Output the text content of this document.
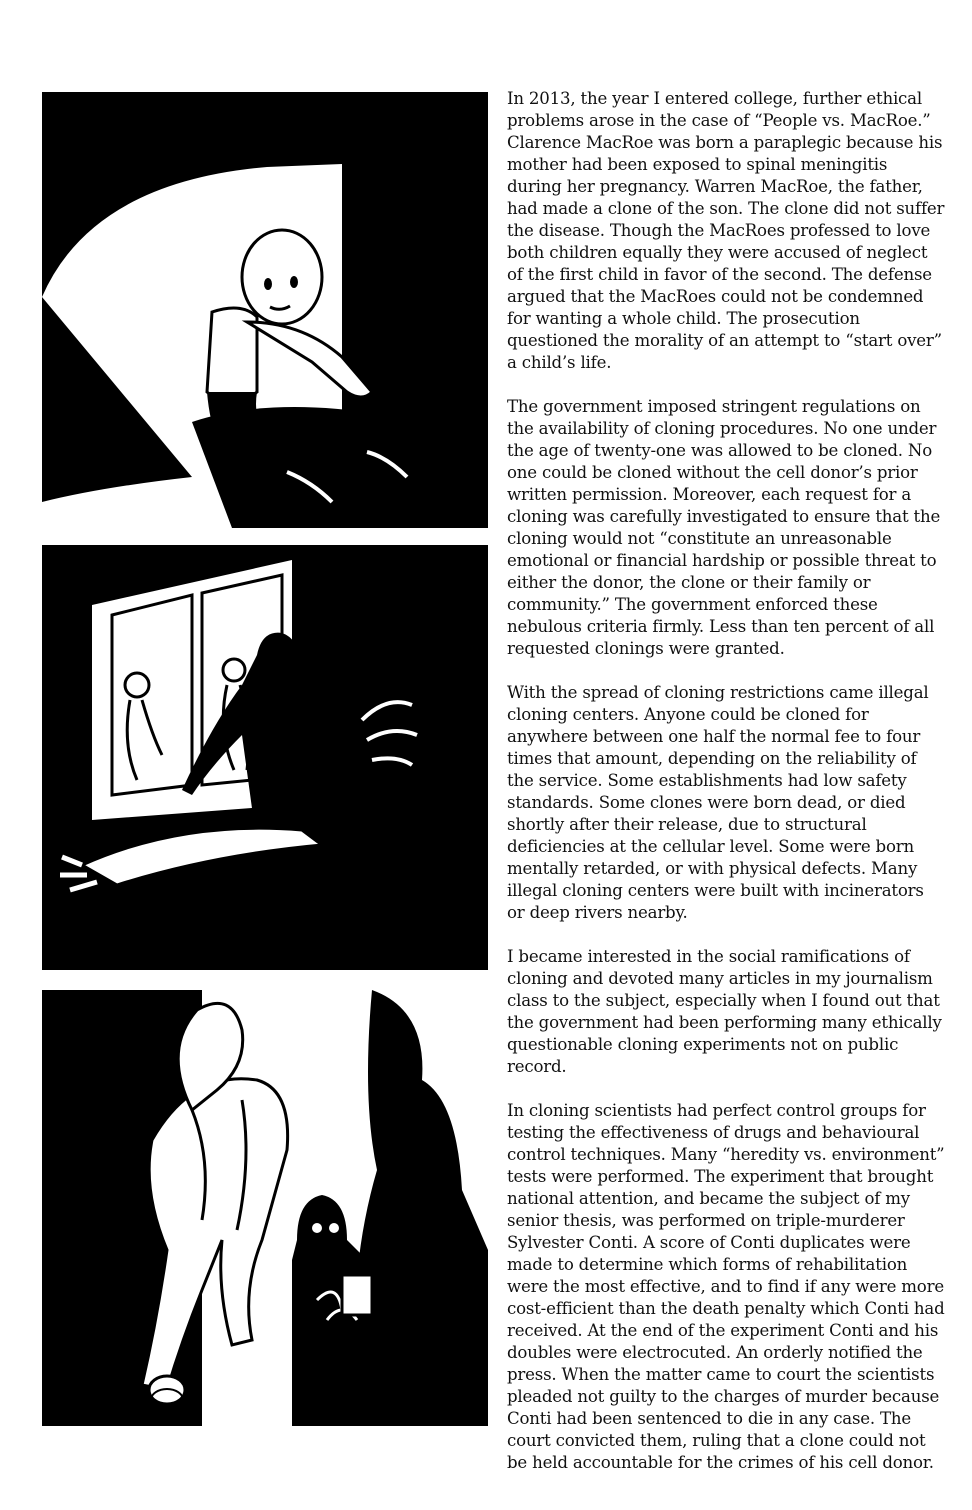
In 2013, the year I entered college, further ethical problems arose in the case of “People vs. MacRoe.” Clarence MacRoe was born a paraplegic because his mother had been exposed to spinal meningitis during her pregnancy. Warren MacRoe, the father, had made a clone of the son. The clone did not suffer the disease. Though the MacRoes professed to love both children equally they were accused of neglect of the first child in favor of the second. The defense argued that the MacRoes could not be condemned for wanting a whole child. The prosecution questioned the morality of an attempt to “start over” a child’s life.

The government imposed stringent regulations on the availability of cloning procedures. No one under the age of twenty-one was allowed to be cloned. No one could be cloned without the cell donor’s prior written permission. Moreover, each request for a cloning was carefully investigated to ensure that the cloning would not “constitute an unreasonable emotional or financial hardship or possible threat to either the donor, the clone or their family or community.” The government enforced these nebulous criteria firmly. Less than ten percent of all requested clonings were granted.

With the spread of cloning restrictions came illegal cloning centers. Anyone could be cloned for anywhere between one half the normal fee to four times that amount, depending on the reliability of the service. Some establishments had low safety standards. Some clones were born dead, or died shortly after their release, due to structural deficiencies at the cellular level. Some were born mentally retarded, or with physical defects. Many illegal cloning centers were built with incinerators or deep rivers nearby.

I became interested in the social ramifications of cloning and devoted many articles in my journalism class to the subject, especially when I found out that the government had been performing many ethically questionable cloning experiments not on public record.

In cloning scientists had perfect control groups for testing the effectiveness of drugs and behavioural control techniques. Many “heredity vs. environment” tests were performed. The experiment that brought national attention, and became the subject of my senior thesis, was performed on triple-murderer Sylvester Conti. A score of Conti duplicates were made to determine which forms of rehabilitation were the most effective, and to find if any were more cost-efficient than the death penalty which Conti had received. At the end of the experiment Conti and his doubles were electrocuted. An orderly notified the press. When the matter came to court the scientists pleaded not guilty to the charges of murder because Conti had been sentenced to die in any case. The court convicted them, ruling that a clone could not be held accountable for the crimes of his cell donor.
